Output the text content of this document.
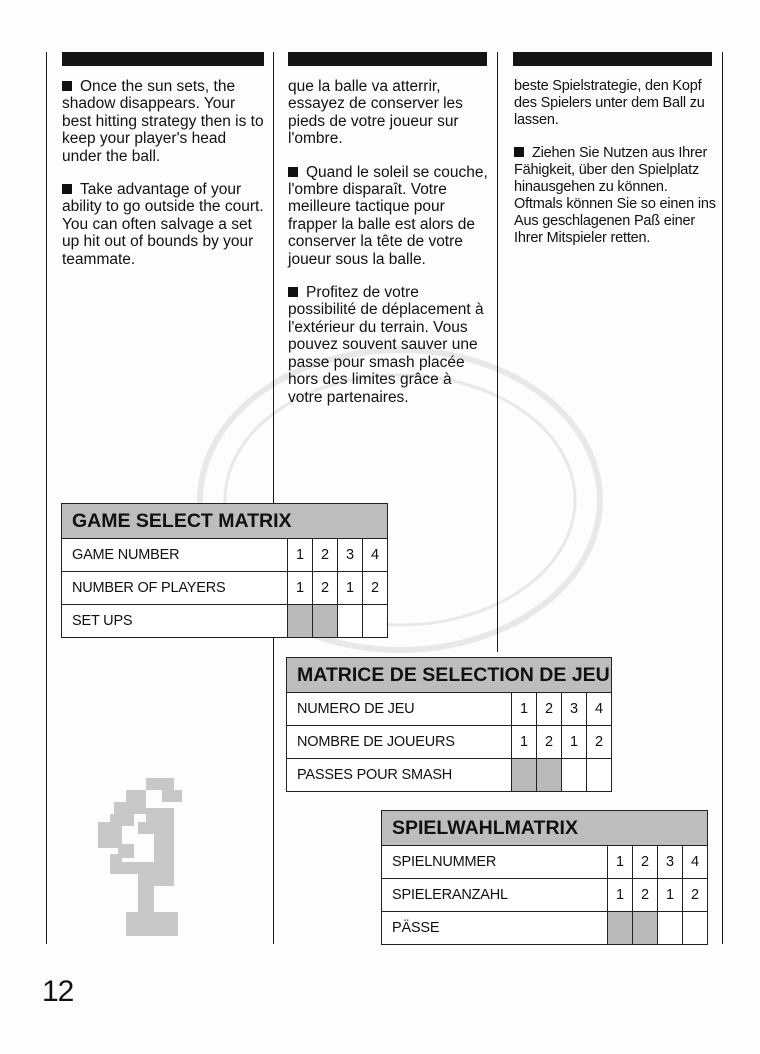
Once the sun sets, the shadow disappears. Your best hitting strategy then is to keep your player's head under the ball.

Take advantage of your ability to go outside the court. You can often salvage a set up hit out of bounds by your teammate.

que la balle va atterrir, essayez de conserver les pieds de votre joueur sur l'ombre.

Quand le soleil se couche, l'ombre disparaît. Votre meilleure tactique pour frapper la balle est alors de conserver la tête de votre joueur sous la balle.

Profitez de votre possibilité de déplacement à l'extérieur du terrain. Vous pouvez souvent sauver une passe pour smash placée hors des limites grâce à votre partenaires.

beste Spielstrategie, den Kopf des Spielers unter dem Ball zu lassen.

Ziehen Sie Nutzen aus Ihrer Fähigkeit, über den Spielplatz hinausgehen zu können. Oftmals können Sie so einen ins Aus geschlagenen Paß einer Ihrer Mitspieler retten.

GAME SELECT MATRIX				
GAME NUMBER	1	2	3	4
NUMBER OF PLAYERS	1	2	1	2
SET UPS				
MATRICE DE SELECTION DE JEU				
NUMERO DE JEU	1	2	3	4
NOMBRE DE JOUEURS	1	2	1	2
PASSES POUR SMASH				
SPIELWAHLMATRIX				
SPIELNUMMER	1	2	3	4
SPIELERANZAHL	1	2	1	2
PÄSSE				
12
